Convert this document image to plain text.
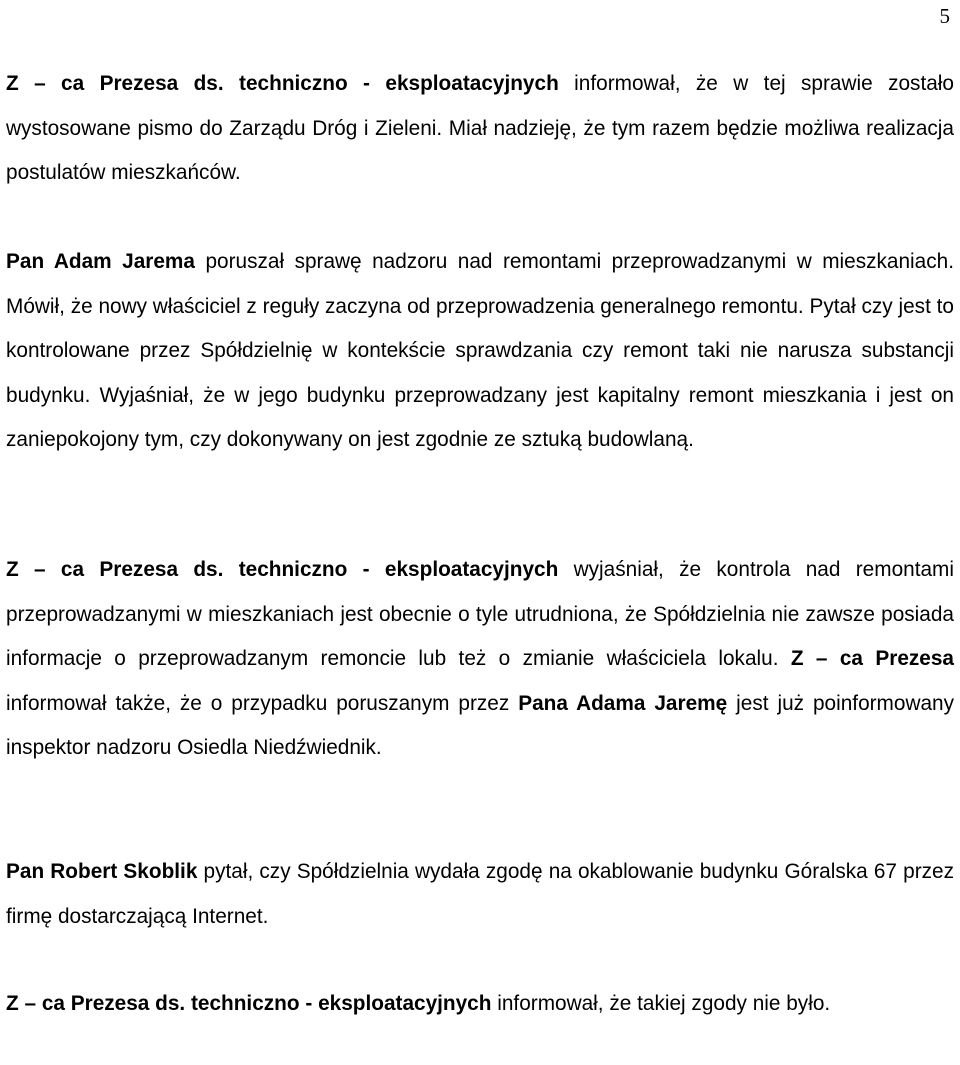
5

Z – ca Prezesa ds. techniczno - eksploatacyjnych informował, że w tej sprawie zostało wystosowane pismo do Zarządu Dróg i Zieleni. Miał nadzieję, że tym razem będzie możliwa realizacja postulatów mieszkańców.

Pan Adam Jarema poruszał sprawę nadzoru nad remontami przeprowadzanymi w mieszkaniach. Mówił, że nowy właściciel z reguły zaczyna od przeprowadzenia generalnego remontu. Pytał czy jest to kontrolowane przez Spółdzielnię w kontekście sprawdzania czy remont taki nie narusza substancji budynku. Wyjaśniał, że w jego budynku przeprowadzany jest kapitalny remont mieszkania i jest on zaniepokojony tym, czy dokonywany on jest zgodnie ze sztuką budowlaną.

Z – ca Prezesa ds. techniczno - eksploatacyjnych wyjaśniał, że kontrola nad remontami przeprowadzanymi w mieszkaniach jest obecnie o tyle utrudniona, że Spółdzielnia nie zawsze posiada informacje o przeprowadzanym remoncie lub też o zmianie właściciela lokalu. Z – ca Prezesa informował także, że o przypadku poruszanym przez Pana Adama Jaremę jest już poinformowany inspektor nadzoru Osiedla Niedźwiednik.

Pan Robert Skoblik pytał, czy Spółdzielnia wydała zgodę na okablowanie budynku Góralska 67 przez firmę dostarczającą Internet.

Z – ca Prezesa ds. techniczno - eksploatacyjnych informował, że takiej zgody nie było.
